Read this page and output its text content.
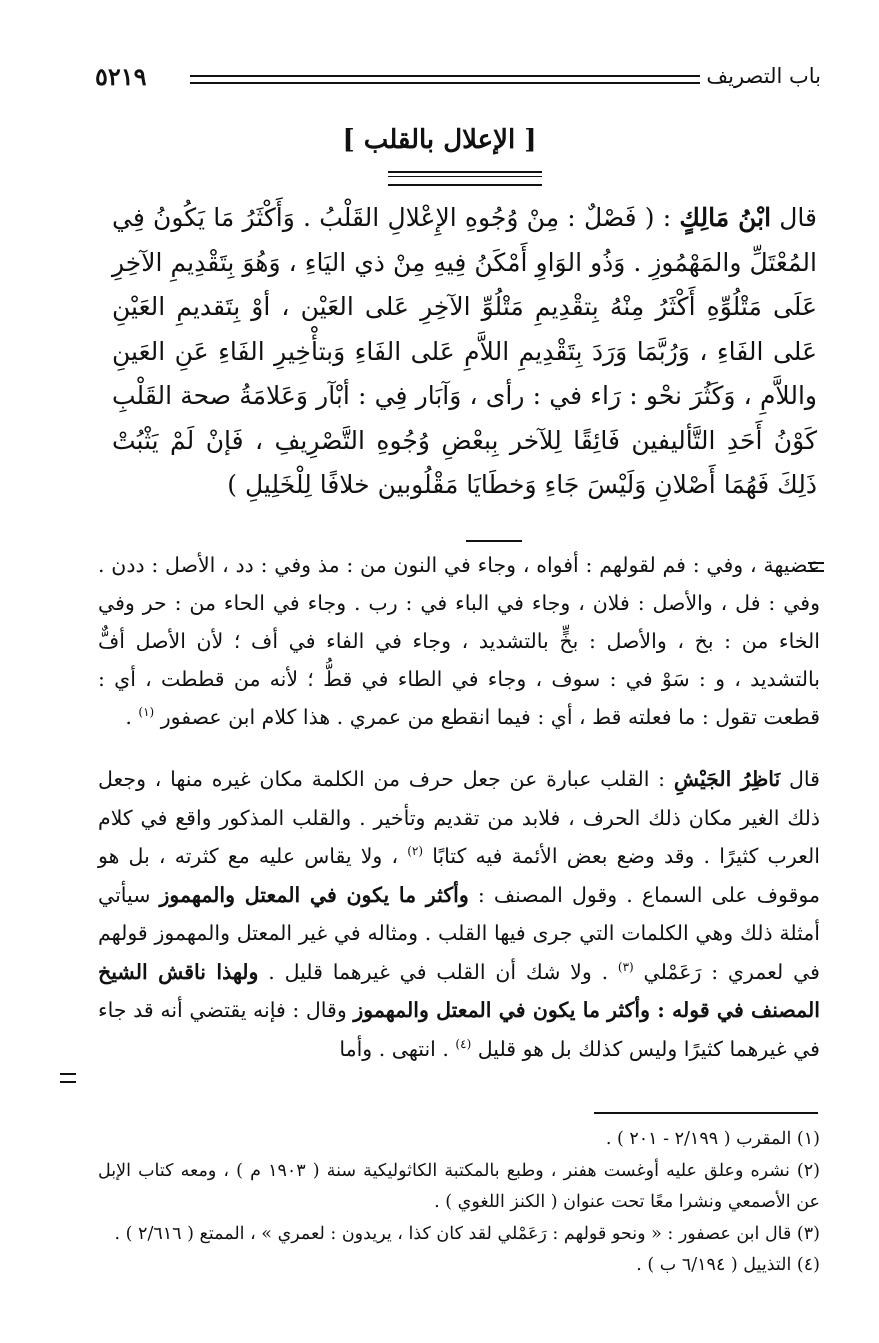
٥٢١٩	باب التصريف
[ الإعلال بالقلب ]

قال ابْنُ مَالِكٍ : ( فَصْلٌ : مِنْ وُجُوهِ الإِعْلالِ القَلْبُ . وَأَكْثَرُ مَا يَكُونُ فِي المُعْتَلِّ والمَهْمُوزِ . وَذُو الوَاوِ أَمْكَنُ فِيهِ مِنْ ذي اليَاءِ ، وَهُوَ بِتَقْدِيمِ الآخِرِ عَلَى مَتْلُوِّهِ أَكْثَرُ مِنْهُ بِتقْدِيمِ مَتْلُوِّ الآخِرِ عَلى العَيْن ، أوْ بِتَقديمِ العَيْنِ عَلى الفَاءِ ، وَرُبَّمَا وَرَدَ بِتَقْدِيمِ اللاَّمِ عَلى الفَاءِ وَبتأْخِيرِ الفَاءِ عَنِ العَينِ واللاَّمِ ، وَكَثُرَ نحْو : رَاء في : رأى ، وَآبَار فِي : أبْآر وَعَلامَةُ صحة القَلْبِ كَوْنُ أَحَدِ التَّأليفين فَائِقًا لِلآخر بِبعْضِ وُجُوهِ التَّصْرِيفِ ، فَإنْ لَمْ يَثْبُتْ ذَلِكَ فَهُمَا أَصْلانِ وَلَيْسَ جَاءِ وَخطَايَا مَقْلُوبين خلافًا لِلْخَلِيلِ )

عضيهة ، وفي : فم لقولهم : أفواه ، وجاء في النون من : مذ وفي : دد ، الأصل : ددن . وفي : فل ، والأصل : فلان ، وجاء في الباء في : رب . وجاء في الحاء من : حر وفي الخاء من : بخ ، والأصل : بخٍّ بالتشديد ، وجاء في الفاء في أف ؛ لأن الأصل أفٌّ بالتشديد ، و : سَوْ في : سوف ، وجاء في الطاء في قطُّ ؛ لأنه من قططت ، أي : قطعت تقول : ما فعلته قط ، أي : فيما انقطع من عمري . هذا كلام ابن عصفور $^{(١)}$ .

قال نَاظِرُ الجَيْشِ : القلب عبارة عن جعل حرف من الكلمة مكان غيره منها ، وجعل ذلك الغير مكان ذلك الحرف ، فلابد من تقديم وتأخير . والقلب المذكور واقع في كلام العرب كثيرًا . وقد وضع بعض الأئمة فيه كتابًا $^{(٢)}$ ، ولا يقاس عليه مع كثرته ، بل هو موقوف على السماع . وقول المصنف : وأكثر ما يكون في المعتل والمهموز سيأتي أمثلة ذلك وهي الكلمات التي جرى فيها القلب . ومثاله في غير المعتل والمهموز قولهم في لعمري : رَعَمْلي $^{(٣)}$ . ولا شك أن القلب في غيرهما قليل . ولهذا ناقش الشيخ المصنف في قوله : وأكثر ما يكون في المعتل والمهموز وقال : فإنه يقتضي أنه قد جاء في غيرهما كثيرًا وليس كذلك بل هو قليل $^{(٤)}$ . انتهى . وأما

(١) المقرب ( ٢/١٩٩ - ٢٠١ ) .

(٢) نشره وعلق عليه أوغست هفنر ، وطبع بالمكتبة الكاثوليكية سنة ( ١٩٠٣ م ) ، ومعه كتاب الإبل عن الأصمعي ونشرا معًا تحت عنوان ( الكنز اللغوي ) .

(٣) قال ابن عصفور : « ونحو قولهم : رَعَمْلي لقد كان كذا ، يريدون : لعمري » ، الممتع ( ٢/٦١٦ ) .

(٤) التذييل ( ٦/١٩٤ ب ) .
